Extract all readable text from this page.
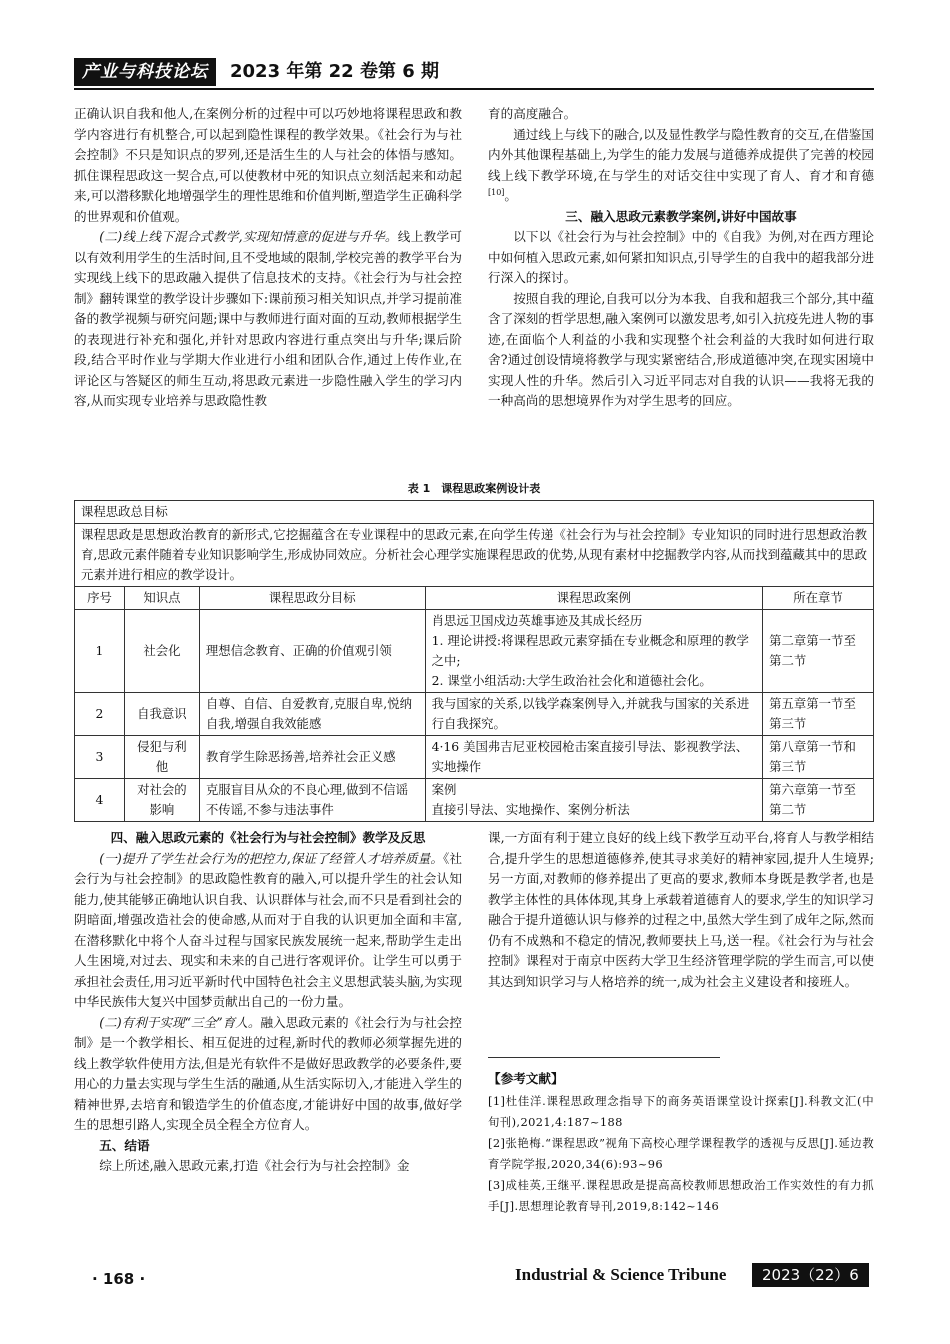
产业与科技论坛	2023 年第 22 卷第 6 期

正确认识自我和他人,在案例分析的过程中可以巧妙地将课程思政和教学内容进行有机整合,可以起到隐性课程的教学效果。《社会行为与社会控制》不只是知识点的罗列,还是活生生的人与社会的体悟与感知。抓住课程思政这一契合点,可以使教材中死的知识点立刻活起来和动起来,可以潜移默化地增强学生的理性思维和价值判断,塑造学生正确科学的世界观和价值观。

(二)线上线下混合式教学,实现知情意的促进与升华。线上教学可以有效利用学生的生活时间,且不受地域的限制,学校完善的教学平台为实现线上线下的思政融入提供了信息技术的支持。《社会行为与社会控制》翻转课堂的教学设计步骤如下:课前预习相关知识点,并学习提前准备的教学视频与研究问题;课中与教师进行面对面的互动,教师根据学生的表现进行补充和强化,并针对思政内容进行重点突出与升华;课后阶段,结合平时作业与学期大作业进行小组和团队合作,通过上传作业,在评论区与答疑区的师生互动,将思政元素进一步隐性融入学生的学习内容,从而实现专业培养与思政隐性教

育的高度融合。

通过线上与线下的融合,以及显性教学与隐性教育的交互,在借鉴国内外其他课程基础上,为学生的能力发展与道德养成提供了完善的校园线上线下教学环境,在与学生的对话交往中实现了育人、育才和育德[10]。

三、融入思政元素教学案例,讲好中国故事

以下以《社会行为与社会控制》中的《自我》为例,对在西方理论中如何植入思政元素,如何紧扣知识点,引导学生的自我中的超我部分进行深入的探讨。

按照自我的理论,自我可以分为本我、自我和超我三个部分,其中蕴含了深刻的哲学思想,融入案例可以激发思考,如引入抗疫先进人物的事迹,在面临个人利益的小我和实现整个社会利益的大我时如何进行取舍?通过创设情境将教学与现实紧密结合,形成道德冲突,在现实困境中实现人性的升华。然后引入习近平同志对自我的认识——我将无我的一种高尚的思想境界作为对学生思考的回应。

表 1　课程思政案例设计表
课程思政总目标				
课程思政是思想政治教育的新形式,它挖掘蕴含在专业课程中的思政元素,在向学生传递《社会行为与社会控制》专业知识的同时进行思想政治教育,思政元素伴随着专业知识影响学生,形成协同效应。分析社会心理学实施课程思政的优势,从现有素材中挖掘教学内容,从而找到蕴藏其中的思政元素并进行相应的教学设计。				
序号	知识点	课程思政分目标	课程思政案例	所在章节
1	社会化	理想信念教育、正确的价值观引领	肖思远卫国戍边英雄事迹及其成长经历
1. 理论讲授:将课程思政元素穿插在专业概念和原理的教学之中;
2. 课堂小组活动:大学生政治社会化和道德社会化。	第二章第一节至第二节
2	自我意识	自尊、自信、自爱教育,克服自卑,悦纳自我,增强自我效能感	我与国家的关系,以钱学森案例导入,并就我与国家的关系进行自我探究。	第五章第一节至第三节
3	侵犯与利他	教育学生除恶扬善,培养社会正义感	4·16 美国弗吉尼亚校园枪击案直接引导法、影视教学法、实地操作	第八章第一节和第三节
4	对社会的影响	克服盲目从众的不良心理,做到不信谣不传谣,不参与违法事件	案例
直接引导法、实地操作、案例分析法	第六章第一节至第二节

四、融入思政元素的《社会行为与社会控制》教学及反思

(一)提升了学生社会行为的把控力,保证了经管人才培养质量。《社会行为与社会控制》的思政隐性教育的融入,可以提升学生的社会认知能力,使其能够正确地认识自我、认识群体与社会,而不只是看到社会的阴暗面,增强改造社会的使命感,从而对于自我的认识更加全面和丰富,在潜移默化中将个人奋斗过程与国家民族发展统一起来,帮助学生走出人生困境,对过去、现实和未来的自己进行客观评价。让学生可以勇于承担社会责任,用习近平新时代中国特色社会主义思想武装头脑,为实现中华民族伟大复兴中国梦贡献出自己的一份力量。

(二)有利于实现“三全”育人。融入思政元素的《社会行为与社会控制》是一个教学相长、相互促进的过程,新时代的教师必须掌握先进的线上教学软件使用方法,但是光有软件不是做好思政教学的必要条件,要用心的力量去实现与学生生活的融通,从生活实际切入,才能进入学生的精神世界,去培育和锻造学生的价值态度,才能讲好中国的故事,做好学生的思想引路人,实现全员全程全方位育人。

五、结语

综上所述,融入思政元素,打造《社会行为与社会控制》金

课,一方面有利于建立良好的线上线下教学互动平台,将育人与教学相结合,提升学生的思想道德修养,使其寻求美好的精神家园,提升人生境界;另一方面,对教师的修养提出了更高的要求,教师本身既是教学者,也是教学主体性的具体体现,其身上承载着道德育人的要求,学生的知识学习融合于提升道德认识与修养的过程之中,虽然大学生到了成年之际,然而仍有不成熟和不稳定的情况,教师要扶上马,送一程。《社会行为与社会控制》课程对于南京中医药大学卫生经济管理学院的学生而言,可以使其达到知识学习与人格培养的统一,成为社会主义建设者和接班人。

【参考文献】

[1]杜佳洋.课程思政理念指导下的商务英语课堂设计探索[J].科教文汇(中旬刊),2021,4:187~188

[2]张艳梅.“课程思政”视角下高校心理学课程教学的透视与反思[J].延边教育学院学报,2020,34(6):93~96

[3]成桂英,王继平.课程思政是提高高校教师思想政治工作实效性的有力抓手[J].思想理论教育导刊,2019,8:142~146

· 168 ·	Industrial & Science Tribune	2023（22）6
